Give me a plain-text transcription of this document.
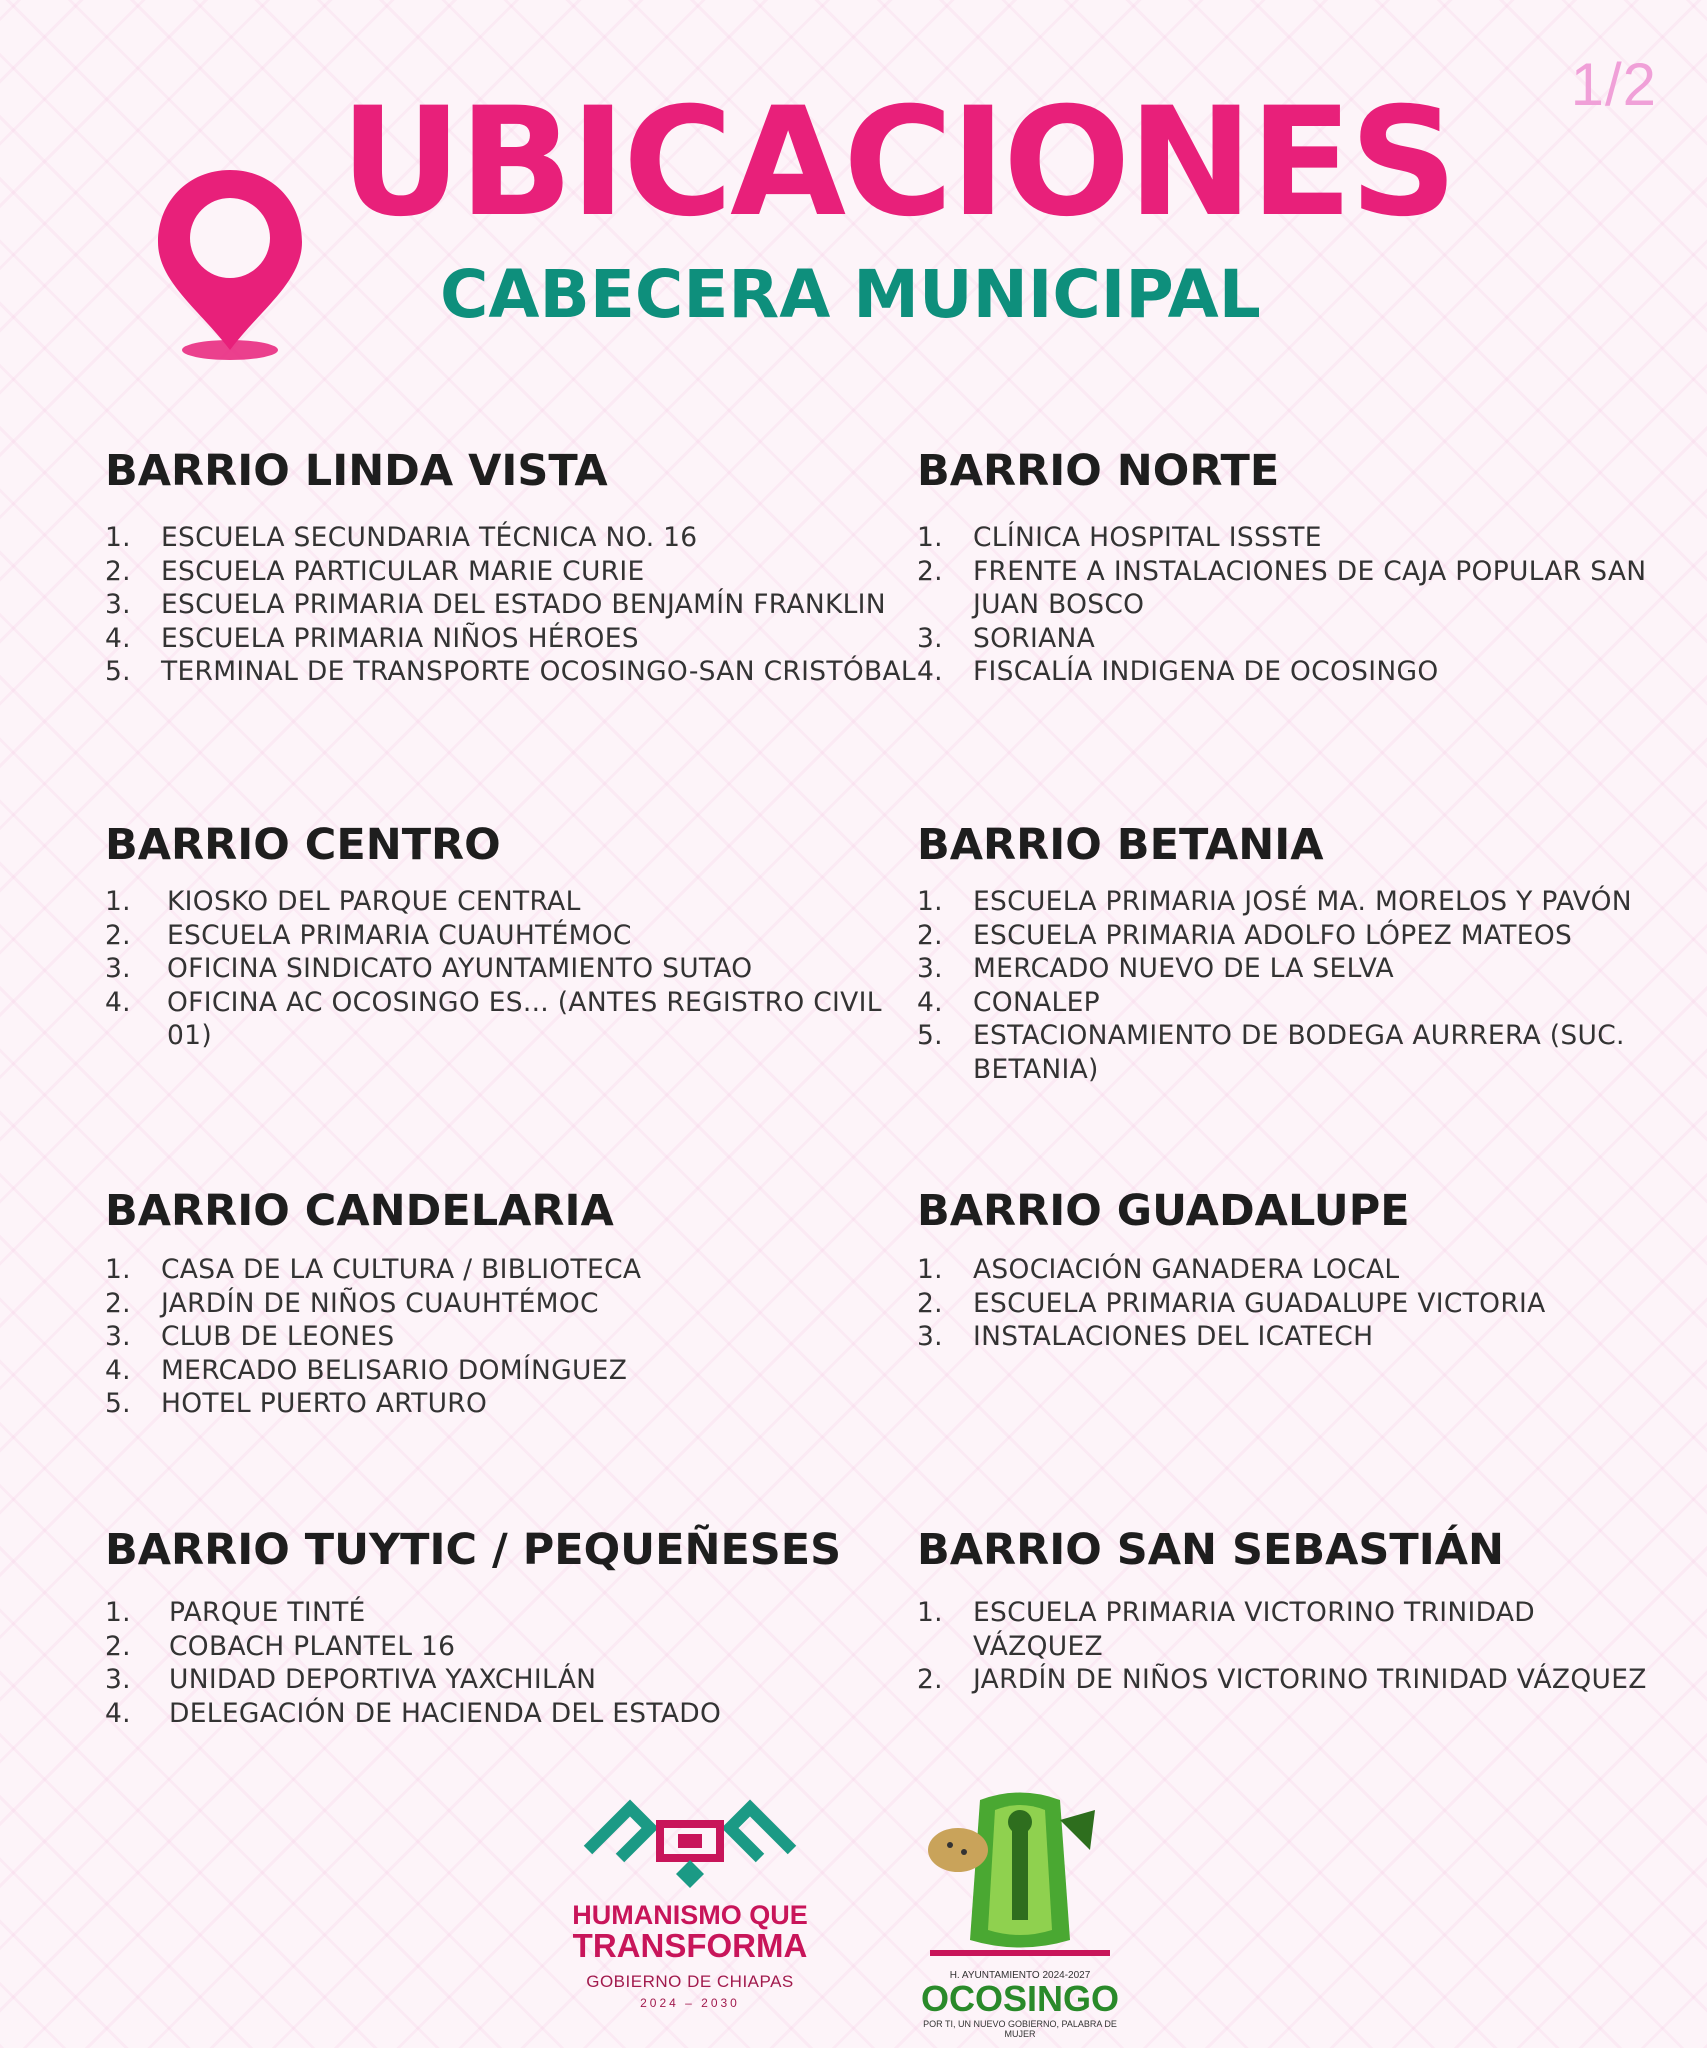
1/2
UBICACIONES
CABECERA MUNICIPAL
BARRIO LINDA VISTA
1.	ESCUELA SECUNDARIA TÉCNICA NO. 16
2.	ESCUELA PARTICULAR MARIE CURIE
3.	ESCUELA PRIMARIA DEL ESTADO BENJAMÍN FRANKLIN
4.	ESCUELA PRIMARIA NIÑOS HÉROES
5.	TERMINAL DE TRANSPORTE OCOSINGO-SAN CRISTÓBAL
BARRIO NORTE
1.	CLÍNICA HOSPITAL ISSSTE
2.	FRENTE A INSTALACIONES DE CAJA POPULAR SAN JUAN BOSCO
3.	SORIANA
4.	FISCALÍA INDIGENA DE OCOSINGO
BARRIO CENTRO
1.	KIOSKO DEL PARQUE CENTRAL
2.	ESCUELA PRIMARIA CUAUHTÉMOC
3.	OFICINA SINDICATO AYUNTAMIENTO SUTAO
4.	OFICINA AC OCOSINGO ES... (ANTES REGISTRO CIVIL 01)
BARRIO BETANIA
1.	ESCUELA PRIMARIA JOSÉ MA. MORELOS Y PAVÓN
2.	ESCUELA PRIMARIA ADOLFO LÓPEZ MATEOS
3.	MERCADO NUEVO DE LA SELVA
4.	CONALEP
5.	ESTACIONAMIENTO DE BODEGA AURRERA (SUC. BETANIA)
BARRIO CANDELARIA
1.	CASA DE LA CULTURA / BIBLIOTECA
2.	JARDÍN DE NIÑOS CUAUHTÉMOC
3.	CLUB DE LEONES
4.	MERCADO BELISARIO DOMÍNGUEZ
5.	HOTEL PUERTO ARTURO
BARRIO GUADALUPE
1.	ASOCIACIÓN GANADERA LOCAL
2.	ESCUELA PRIMARIA GUADALUPE VICTORIA
3.	INSTALACIONES DEL ICATECH
BARRIO TUYTIC / PEQUEÑESES
1.	PARQUE TINTÉ
2.	COBACH PLANTEL 16
3.	UNIDAD DEPORTIVA YAXCHILÁN
4.	DELEGACIÓN DE HACIENDA DEL ESTADO
BARRIO SAN SEBASTIÁN
1.	ESCUELA PRIMARIA VICTORINO TRINIDAD VÁZQUEZ
2.	JARDÍN DE NIÑOS VICTORINO TRINIDAD VÁZQUEZ
HUMANISMO QUE
TRANSFORMA
GOBIERNO DE CHIAPAS
2024 – 2030
H. AYUNTAMIENTO 2024-2027
OCOSINGO
POR TI, UN NUEVO GOBIERNO, PALABRA DE MUJER
